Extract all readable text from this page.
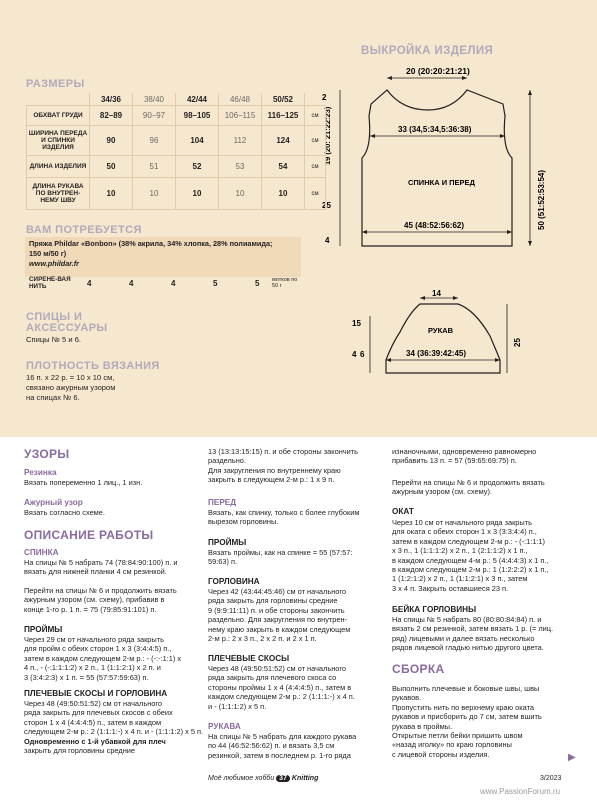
ВЫКРОЙКА ИЗДЕЛИЯ
20 (20:20:21:21)
2
19 (20: 21:22:23)
25
4
33 (34,5:34,5:36:38)
СПИНКА И ПЕРЕД
45 (48:52:56:62)	50 (51:52:53:54)
14
РУКАВ
15
4 6	34 (36:39:42:45)
25
РАЗМЕРЫ
	34/36	38/40	42/44	46/48	50/52	
ОБХВАТ ГРУДИ	82–89	90–97	98–105	106–115	116–125	см
ШИРИНА ПЕРЕДА И СПИНКИ ИЗДЕЛИЯ	90	96	104	112	124	см
ДЛИНА ИЗДЕЛИЯ	50	51	52	53	54	см
ДЛИНА РУКАВА ПО ВНУТРЕН-НЕМУ ШВУ	10	10	10	10	10	см
ВАМ ПОТРЕБУЕТСЯ
Пряжа Phildar «Bonbon» (38% акрила, 34% хлопка, 28% полиамида;
150 м/50 г)
www.phildar.fr
СИРЕНЕ-ВАЯ НИТЬ	4	4	4	5	5 мотков по 50 г
СПИЦЫ И АКСЕССУАРЫ
Спицы № 5 и 6.
ПЛОТНОСТЬ ВЯЗАНИЯ
16 п. х 22 р. = 10 х 10 см,
связано ажурным узором
на спицах № 6.
УЗОРЫ
Резинка
Вязать попеременно 1 лиц., 1 изн.
Ажурный узор
Вязать согласно схеме.
ОПИСАНИЕ РАБОТЫ
СПИНКА
На спицы № 5 набрать 74 (78:84:90:100) п. и
вязать для нижней планки 4 см резинкой.
Перейти на спицы № 6 и продолжить вязать
ажурным узором (см. схему), прибавив в
конце 1-го р. 1 п. = 75 (79:85:91:101) п.
ПРОЙМЫ
Через 29 см от начального ряда закрыть
для пройм с обеих сторон 1 х 3 (3:4:4:5) п.,
затем в каждом следующем 2-м р.: - (-:-:1:1) х
4 п., - (-:1:1:1:2) х 2 п., 1 (1:1:2:1) х 2 п. и
3 (3:4:2:3) х 1 п. = 55 (57:57:59:63) п.
ПЛЕЧЕВЫЕ СКОСЫ И ГОРЛОВИНА
Через 48 (49:50:51:52) см от начального
ряда закрыть для плечевых скосов с обеих
сторон 1 х 4 (4:4:4:5) п., затем в каждом
следующем 2-м р.: 2 (1:1:1:-) х 4 п. и - (1:1:1:2) х 5 п.
Одновременно с 1-й убавкой для плеч
закрыть для горловины средние
13 (13:13:15:15) п. и обе стороны закончить
раздельно.
Для закругления по внутреннему краю
закрыть в следующем 2-м р.: 1 х 9 п.
ПЕРЕД
Вязать, как спинку, только с более глубоким
вырезом горловины.
ПРОЙМЫ
Вязать проймы, как на спинке = 55 (57:57:
59:63) п.
ГОРЛОВИНА
Через 42 (43:44:45:46) см от начального
ряда закрыть для горловины средние
9 (9:9:11:11) п. и обе стороны закончить
раздельно. Для закругления по внутрен-
нему краю закрыть в каждом следующем
2-м р.: 2 х 3 п., 2 х 2 п. и 2 х 1 п.
ПЛЕЧЕВЫЕ СКОСЫ
Через 48 (49:50:51:52) см от начального
ряда закрыть для плечевого скоса со
стороны проймы 1 х 4 (4:4:4:5) п., затем в
каждом следующем 2-м р.: 2 (1:1:1:-) х 4 п.
и - (1:1:1:2) х 5 п.
РУКАВА
На спицы № 5 набрать для каждого рукава
по 44 (46:52:56:62) п. и вязать 3,5 см
резинкой, затем в последнем р. 1-го ряда
изнаночными, одновременно равномерно
прибавить 13 п. = 57 (59:65:69:75) п.
Перейти на спицы № 6 и продолжить вязать
ажурным узором (см. схему).
ОКАТ
Через 10 см от начального ряда закрыть
для оката с обеих сторон 1 х 3 (3:3:4:4) п.,
затем в каждом следующем 2-м р.: - (-:1:1:1)
х 3 п., 1 (1:1:1:2) х 2 п., 1 (2:1:1:2) х 1 п.,
в каждом следующем 4-м р.: 5 (4:4:4:3) х 1 п.,
в каждом следующем 2-м р.: 1 (1:2:2:2) х 1 п.,
1 (1:2:1:2) х 2 п., 1 (1:1:2:1) х 3 п., затем
3 х 4 п. Закрыть оставшиеся 23 п.
БЕЙКА ГОРЛОВИНЫ
На спицы № 5 набрать 80 (80:80:84:84) п. и
вязать 2 см резинкой, затем вязать 1 р. (= лиц.
ряд) лицевыми и далее вязать несколько
рядов лицевой гладью нитью другого цвета.
СБОРКА
Выполнить плечевые и боковые швы, швы
рукавов.
Пропустить нить по верхнему краю оката
рукавов и присборить до 7 см, затем вшить
рукава в проймы.
Открытые петли бейки пришить швом
«назад иголку» по краю горловины
с лицевой стороны изделия.	▶
Моё любимое хобби 37 Knitting	3/2023
www.PassionForum.ru
